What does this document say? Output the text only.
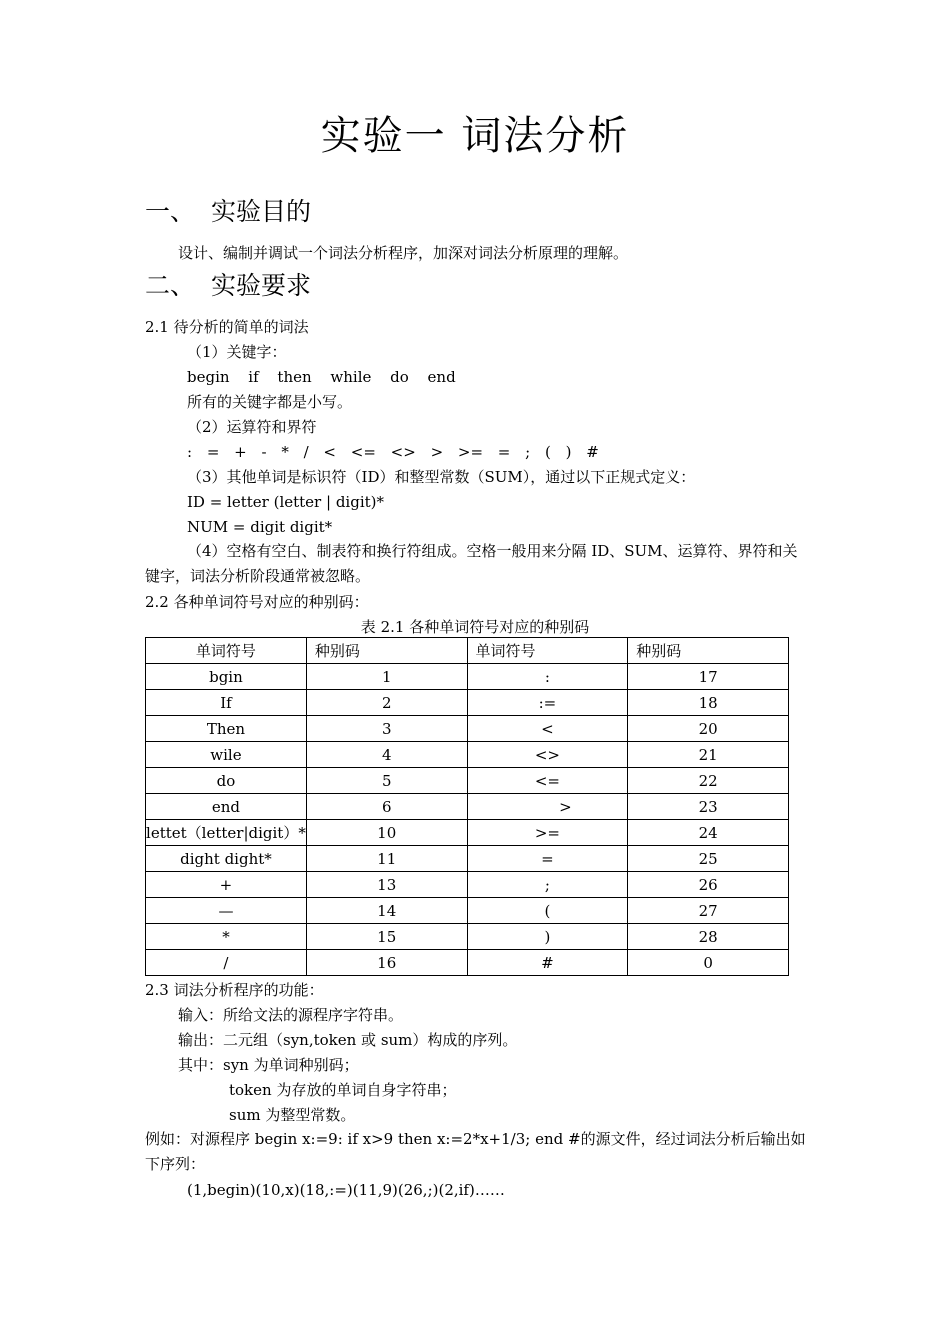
实验一 词法分析
一、 实验目的
设计、编制并调试一个词法分析程序，加深对词法分析原理的理解。
二、 实验要求
2.1 待分析的简单的词法
（1）关键字：
begin if then while do end
所有的关键字都是小写。
（2）运算符和界符
: = + - * / < <= <> > >= = ; ( ) #
（3）其他单词是标识符（ID）和整型常数（SUM），通过以下正规式定义：
ID = letter (letter | digit)*
NUM = digit digit*
（4）空格有空白、制表符和换行符组成。空格一般用来分隔 ID、SUM、运算符、界符和关键字，词法分析阶段通常被忽略。
2.2 各种单词符号对应的种别码：
表 2.1 各种单词符号对应的种别码
单词符号	种别码	单词符号	种别码
bgin	1	:	17
If	2	:=	18
Then	3	<	20
wile	4	<>	21
do	5	<=	22
end	6	>	23
lettet（letter|digit）*	10	>=	24
dight dight*	11	=	25
+	13	;	26
—	14	(	27
*	15	)	28
/	16	#	0
2.3 词法分析程序的功能：
输入：所给文法的源程序字符串。
输出：二元组（syn,token 或 sum）构成的序列。
其中：syn 为单词种别码；
token 为存放的单词自身字符串；
sum 为整型常数。
例如：对源程序 begin x:=9: if x>9 then x:=2*x+1/3; end #的源文件，经过词法分析后输出如下序列：
(1,begin)(10,x)(18,:=)(11,9)(26,;)(2,if)……
